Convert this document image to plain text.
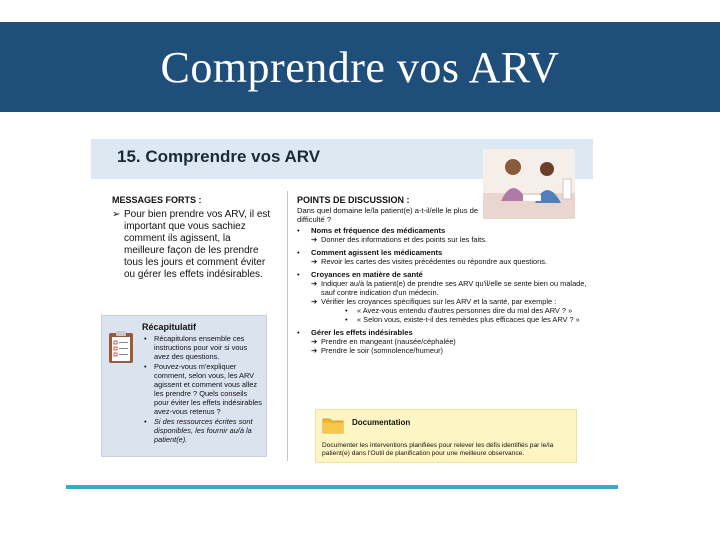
Comprendre vos ARV
15. Comprendre vos ARV
MESSAGES FORTS :
➢ Pour bien prendre vos ARV, il est important que vous sachiez comment ils agissent, la meilleure façon de les prendre tous les jours et comment éviter ou gérer les effets indésirables.
Récapitulatif
•	Récapitulons ensemble ces instructions pour voir si vous avez des questions.
•	Pouvez-vous m'expliquer comment, selon vous, les ARV agissent et comment vous allez les prendre ? Quels conseils pour éviter les effets indésirables avez-vous retenus ?
•	Si des ressources écrites sont disponibles, les fournir au/à la patient(e).
POINTS DE DISCUSSION :
Dans quel domaine le/la patient(e) a-t-il/elle le plus de difficulté ?
•	Noms et fréquence des médicaments
➔ Donner des informations et des points sur les faits.
•	Comment agissent les médicaments
➔ Revoir les cartes des visites précédentes ou répondre aux questions.
•	Croyances en matière de santé
➔ Indiquer au/à la patient(e) de prendre ses ARV qu'il/elle se sente bien ou malade, sauf contre indication d'un médecin.
➔ Vérifier les croyances spécifiques sur les ARV et la santé, par exemple :
•	« Avez-vous entendu d'autres personnes dire du mal des ARV ? »
•	« Selon vous, existe-t-il des remèdes plus efficaces que les ARV ? »
•	Gérer les effets indésirables
➔ Prendre en mangeant (nausée/céphalée)
➔ Prendre le soir (somnolence/humeur)
Documentation
Documenter les interventions planifiées pour relever les défis identifiés par le/la patient(e) dans l'Outil de planification pour une meilleure observance.
